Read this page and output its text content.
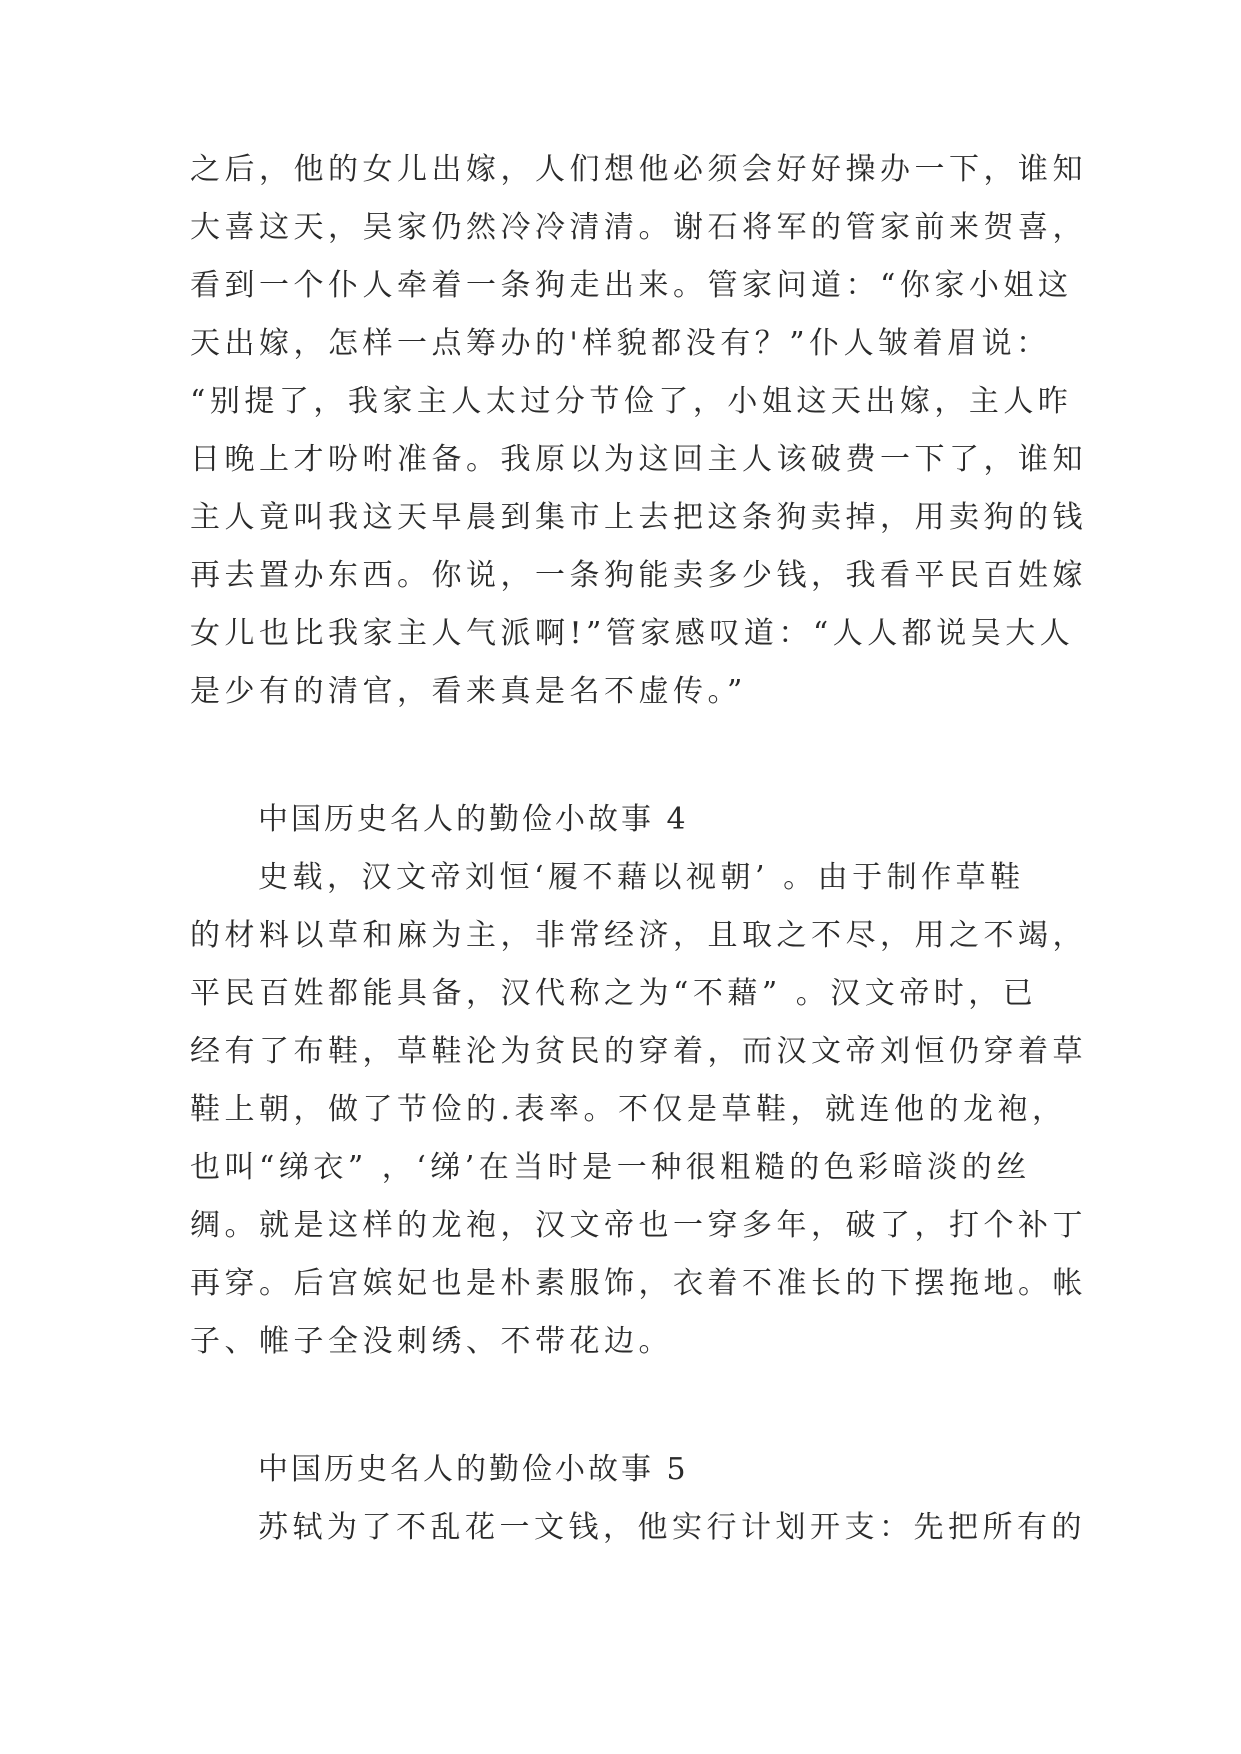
之后，他的女儿出嫁，人们想他必须会好好操办一下，谁知
大喜这天，吴家仍然冷冷清清。谢石将军的管家前来贺喜，
看到一个仆人牵着一条狗走出来。管家问道：“你家小姐这
天出嫁，怎样一点筹办的'样貌都没有？”仆人皱着眉说：
“别提了，我家主人太过分节俭了，小姐这天出嫁，主人昨
日晚上才吩咐准备。我原以为这回主人该破费一下了，谁知
主人竟叫我这天早晨到集市上去把这条狗卖掉，用卖狗的钱
再去置办东西。你说，一条狗能卖多少钱，我看平民百姓嫁
女儿也比我家主人气派啊!”管家感叹道：“人人都说吴大人
是少有的清官，看来真是名不虚传。”
中国历史名人的勤俭小故事 4
史载，汉文帝刘恒‘履不藉以视朝’ 。由于制作草鞋
的材料以草和麻为主，非常经济，且取之不尽，用之不竭，
平民百姓都能具备，汉代称之为“不藉” 。汉文帝时，已
经有了布鞋，草鞋沦为贫民的穿着，而汉文帝刘恒仍穿着草
鞋上朝，做了节俭的.表率。不仅是草鞋，就连他的龙袍，
也叫“绨衣” ，‘绨’在当时是一种很粗糙的色彩暗淡的丝
绸。就是这样的龙袍，汉文帝也一穿多年，破了，打个补丁
再穿。后宫嫔妃也是朴素服饰，衣着不准长的下摆拖地。帐
子、帷子全没刺绣、不带花边。
中国历史名人的勤俭小故事 5
苏轼为了不乱花一文钱，他实行计划开支：先把所有的
